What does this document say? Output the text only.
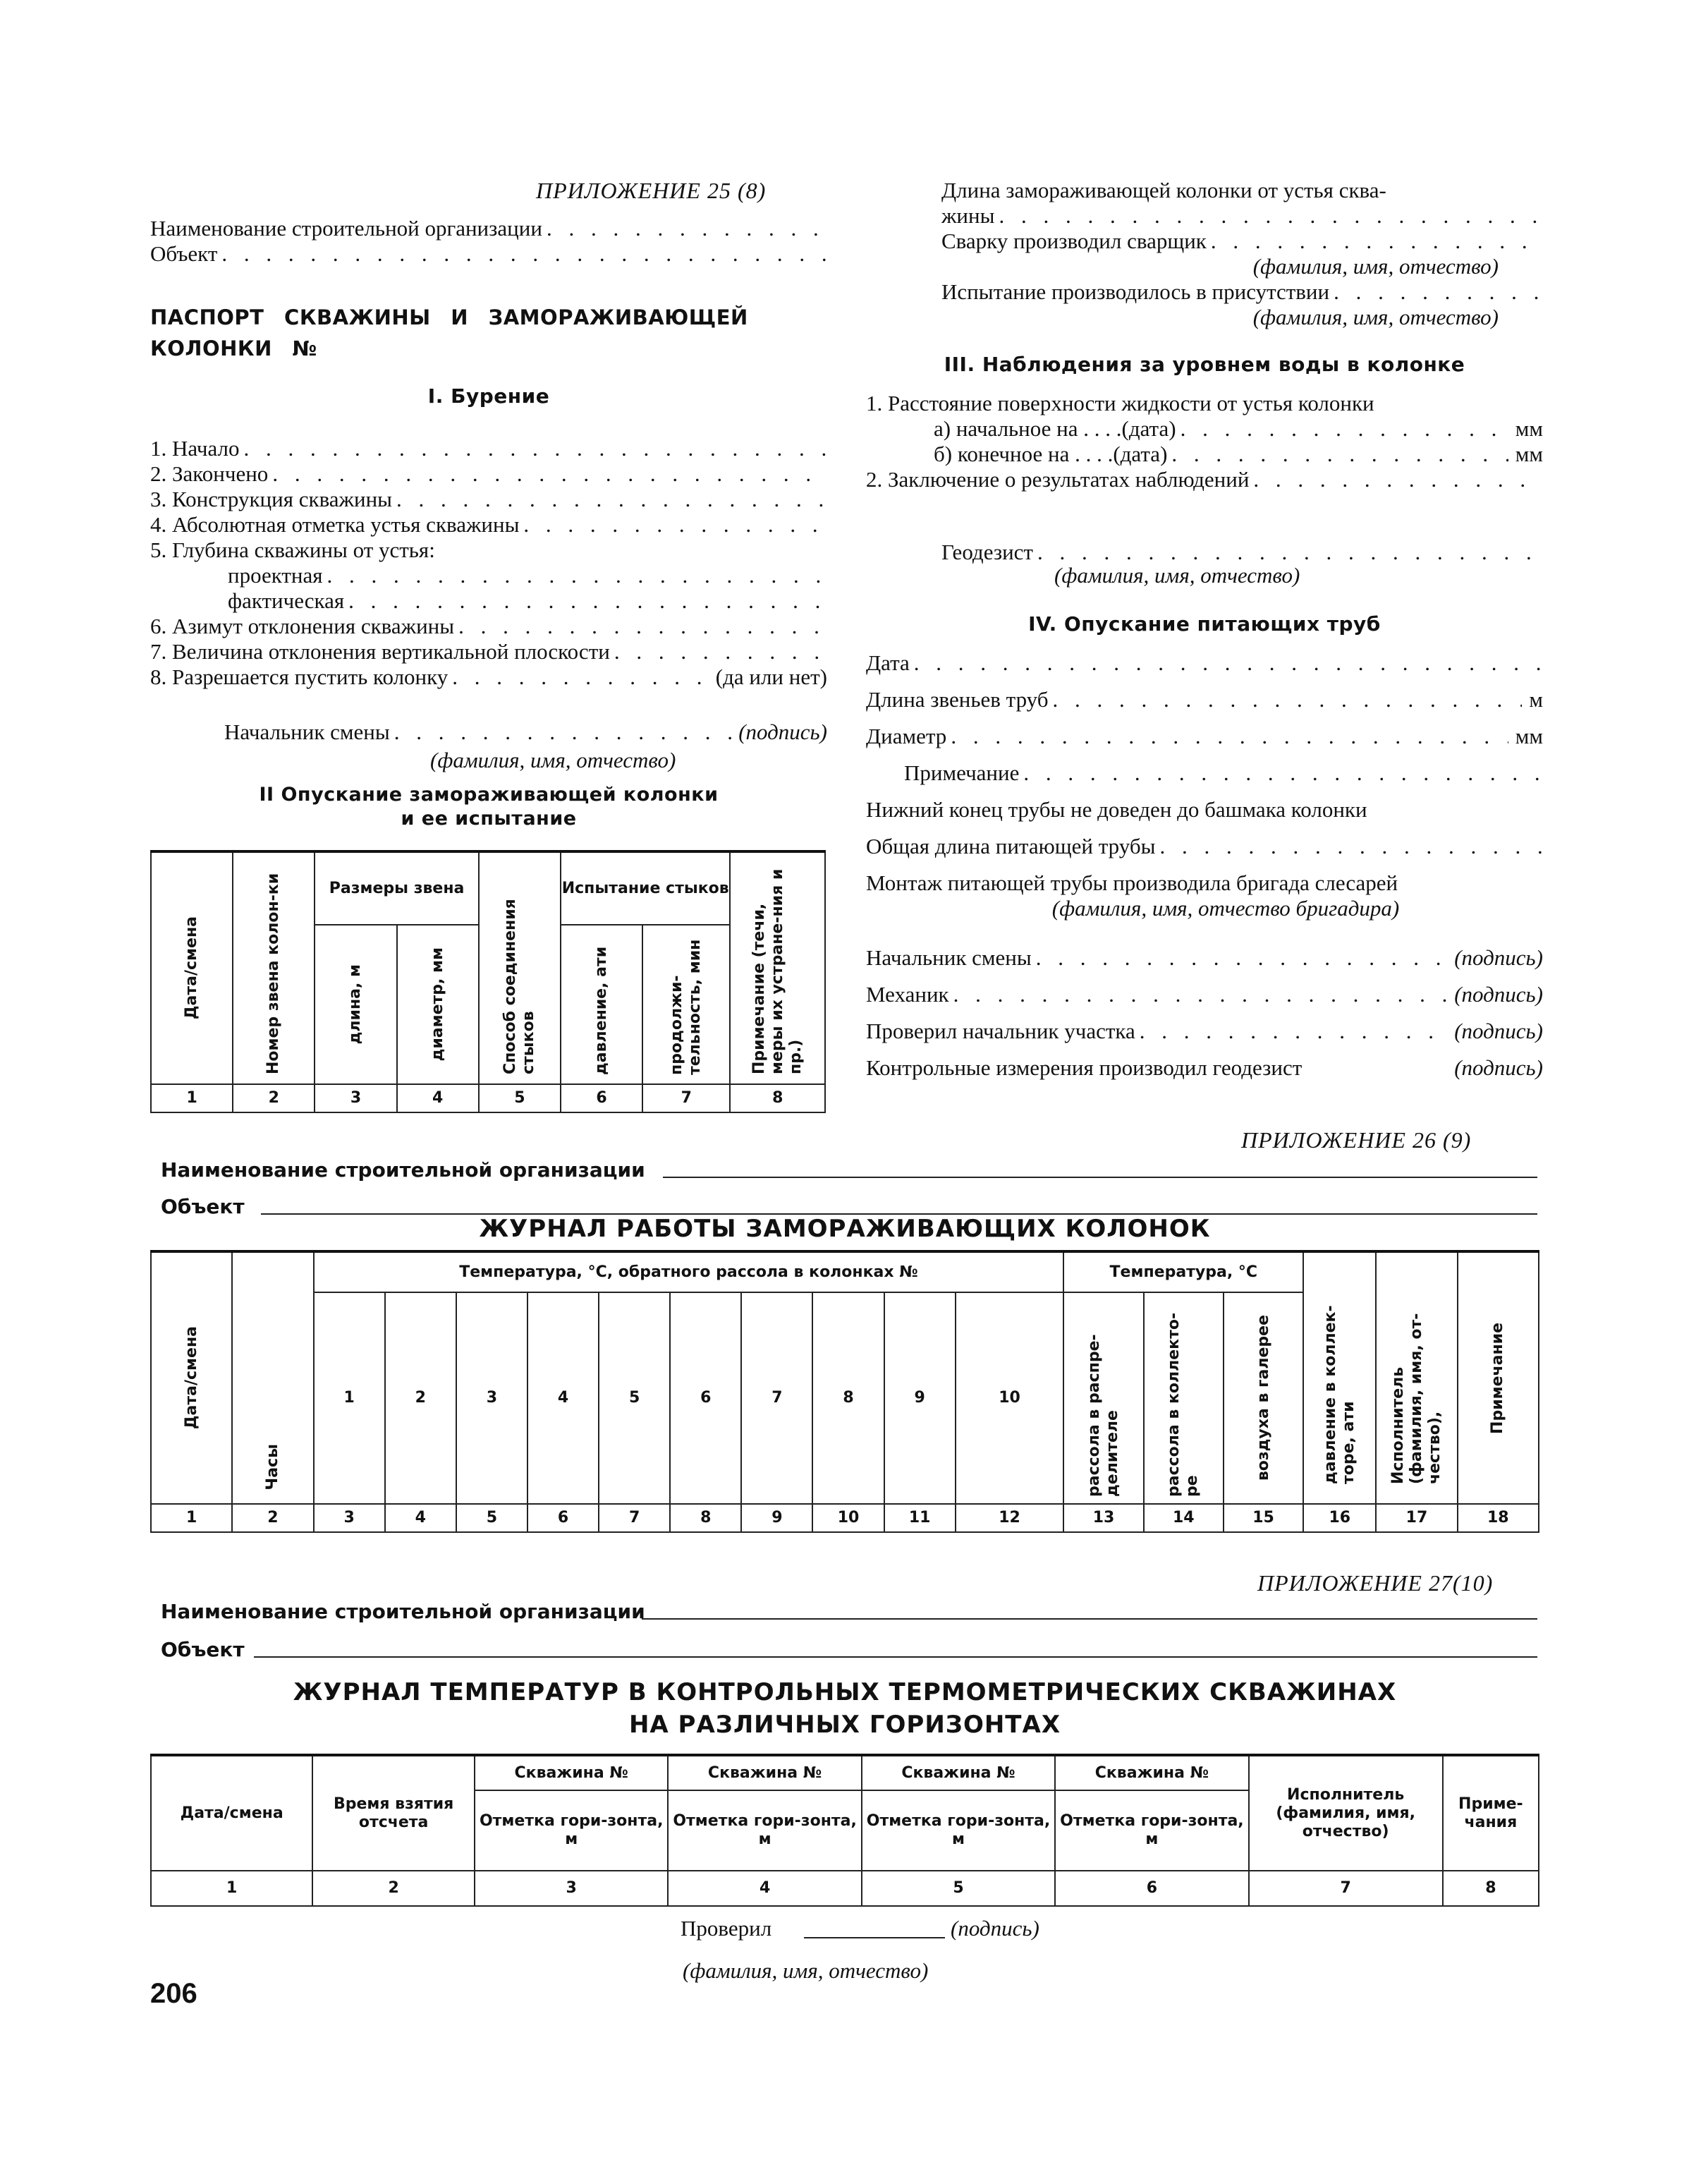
ПРИЛОЖЕНИЕ 25 (8)
Наименование строительной организации
. . .
Объект
. . .
ПАСПОРТ СКВАЖИНЫ И ЗАМОРАЖИВАЮЩЕЙ КОЛОНКИ №
I. Бурение
1. Начало
. . .
2. Закончено
. . .
3. Конструкция скважины
. . .
4. Абсолютная отметка устья скважины
. . .
5. Глубина скважины от устья:
проектная
. . .
фактическая
. . .
6. Азимут отклонения скважины
. . .
7. Величина отклонения вертикальной плоскости
. . .
8. Разрешается пустить колонку . . .	(да или нет)
Начальник смены . . .	(подпись)
(фамилия, имя, отчество)
II Опускание замораживающей колонки
и ее испытание
Дата/смена	Номер звена колон-ки	Размеры звена		Способ соединения стыков	Испытание стыков		Примечание (течи, меры их устране-ния и пр.)

		длина, м	диаметр, мм		давление, ати	продолжи-тельность, мин	

1	2	3	4	5	6	7	8
Длина замораживающей колонки от устья сква-
жины
. . .
Сварку производил сварщик
. . .
(фамилия, имя, отчество)
Испытание производилось в присутствии
. . .
(фамилия, имя, отчество)
III. Наблюдения за уровнем воды в колонке
1. Расстояние поверхности жидкости от устья колонки
а) начальное на . . . .(дата) . . .	мм
б) конечное на . . . .(дата) . . .	мм
2. Заключение о результатах наблюдений
. . .
Геодезист
. . .
(фамилия, имя, отчество)
IV. Опускание питающих труб
Дата
. . .
Длина звеньев труб . . .	м
Диаметр . . .	мм
Примечание
. . .
Нижний конец трубы не доведен до башмака колонки
Общая длина питающей трубы
. . .
Монтаж питающей трубы производила бригада слесарей
(фамилия, имя, отчество бригадира)
Начальник смены . . .	(подпись)
Механик . . .	(подпись)
Проверил начальник участка . . .	(подпись)
Контрольные измерения производил геодезист	(подпись)
ПРИЛОЖЕНИЕ 26 (9)
Наименование строительной организации
Объект
ЖУРНАЛ РАБОТЫ ЗАМОРАЖИВАЮЩИХ КОЛОНОК
Дата/смена	Часы	Температура, °С, обратного рассола в колонках №										Температура, °С			давление в коллек-торе, ати	Исполнитель (фамилия, имя, от-чество),	Примечание

		1	2	3	4	5	6	7	8	9	10	рассола в распре-делителе	рассола в коллекто-ре	воздуха в галерее			

1	2	3	4	5	6	7	8	9	10	11	12	13	14	15	16	17	18
ПРИЛОЖЕНИЕ 27(10)
Наименование строительной организации
Объект
ЖУРНАЛ ТЕМПЕРАТУР В КОНТРОЛЬНЫХ ТЕРМОМЕТРИЧЕСКИХ СКВАЖИНАХ
НА РАЗЛИЧНЫХ ГОРИЗОНТАХ
Дата/смена	Время взятия отсчета	Скважина №	Скважина №	Скважина №	Скважина №	Исполнитель (фамилия, имя, отчество)	Приме-чания
		Отметка гори-зонта, м	Отметка гори-зонта, м	Отметка гори-зонта, м	Отметка гори-зонта, м		
1	2	3	4	5	6	7	8
Проверил	(подпись)
(фамилия, имя, отчество)
206
